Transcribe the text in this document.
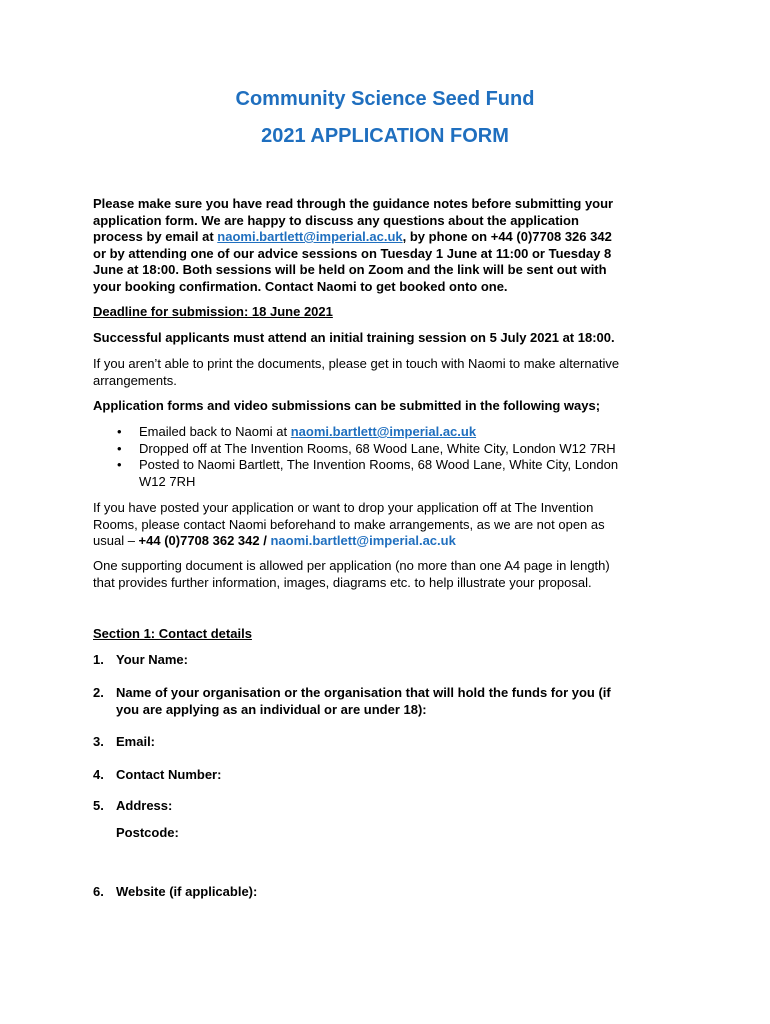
Community Science Seed Fund
2021 APPLICATION FORM
Please make sure you have read through the guidance notes before submitting your
application form. We are happy to discuss any questions about the application
process by email at naomi.bartlett@imperial.ac.uk, by phone on +44 (0)7708 326 342
or by attending one of our advice sessions on Tuesday 1 June at 11:00 or Tuesday 8
June at 18:00. Both sessions will be held on Zoom and the link will be sent out with
your booking confirmation. Contact Naomi to get booked onto one.
Deadline for submission: 18 June 2021
Successful applicants must attend an initial training session on 5 July 2021 at 18:00.
If you aren’t able to print the documents, please get in touch with Naomi to make alternative
arrangements.
Application forms and video submissions can be submitted in the following ways;
• Emailed back to Naomi at naomi.bartlett@imperial.ac.uk
• Dropped off at The Invention Rooms, 68 Wood Lane, White City, London W12 7RH
• Posted to Naomi Bartlett, The Invention Rooms, 68 Wood Lane, White City, London
W12 7RH
If you have posted your application or want to drop your application off at The Invention
Rooms, please contact Naomi beforehand to make arrangements, as we are not open as
usual – +44 (0)7708 362 342 / naomi.bartlett@imperial.ac.uk
One supporting document is allowed per application (no more than one A4 page in length)
that provides further information, images, diagrams etc. to help illustrate your proposal.
Section 1: Contact details
1. Your Name:
2. Name of your organisation or the organisation that will hold the funds for you (if
you are applying as an individual or are under 18):
3. Email:
4. Contact Number:
5. Address:
Postcode:
6. Website (if applicable):
